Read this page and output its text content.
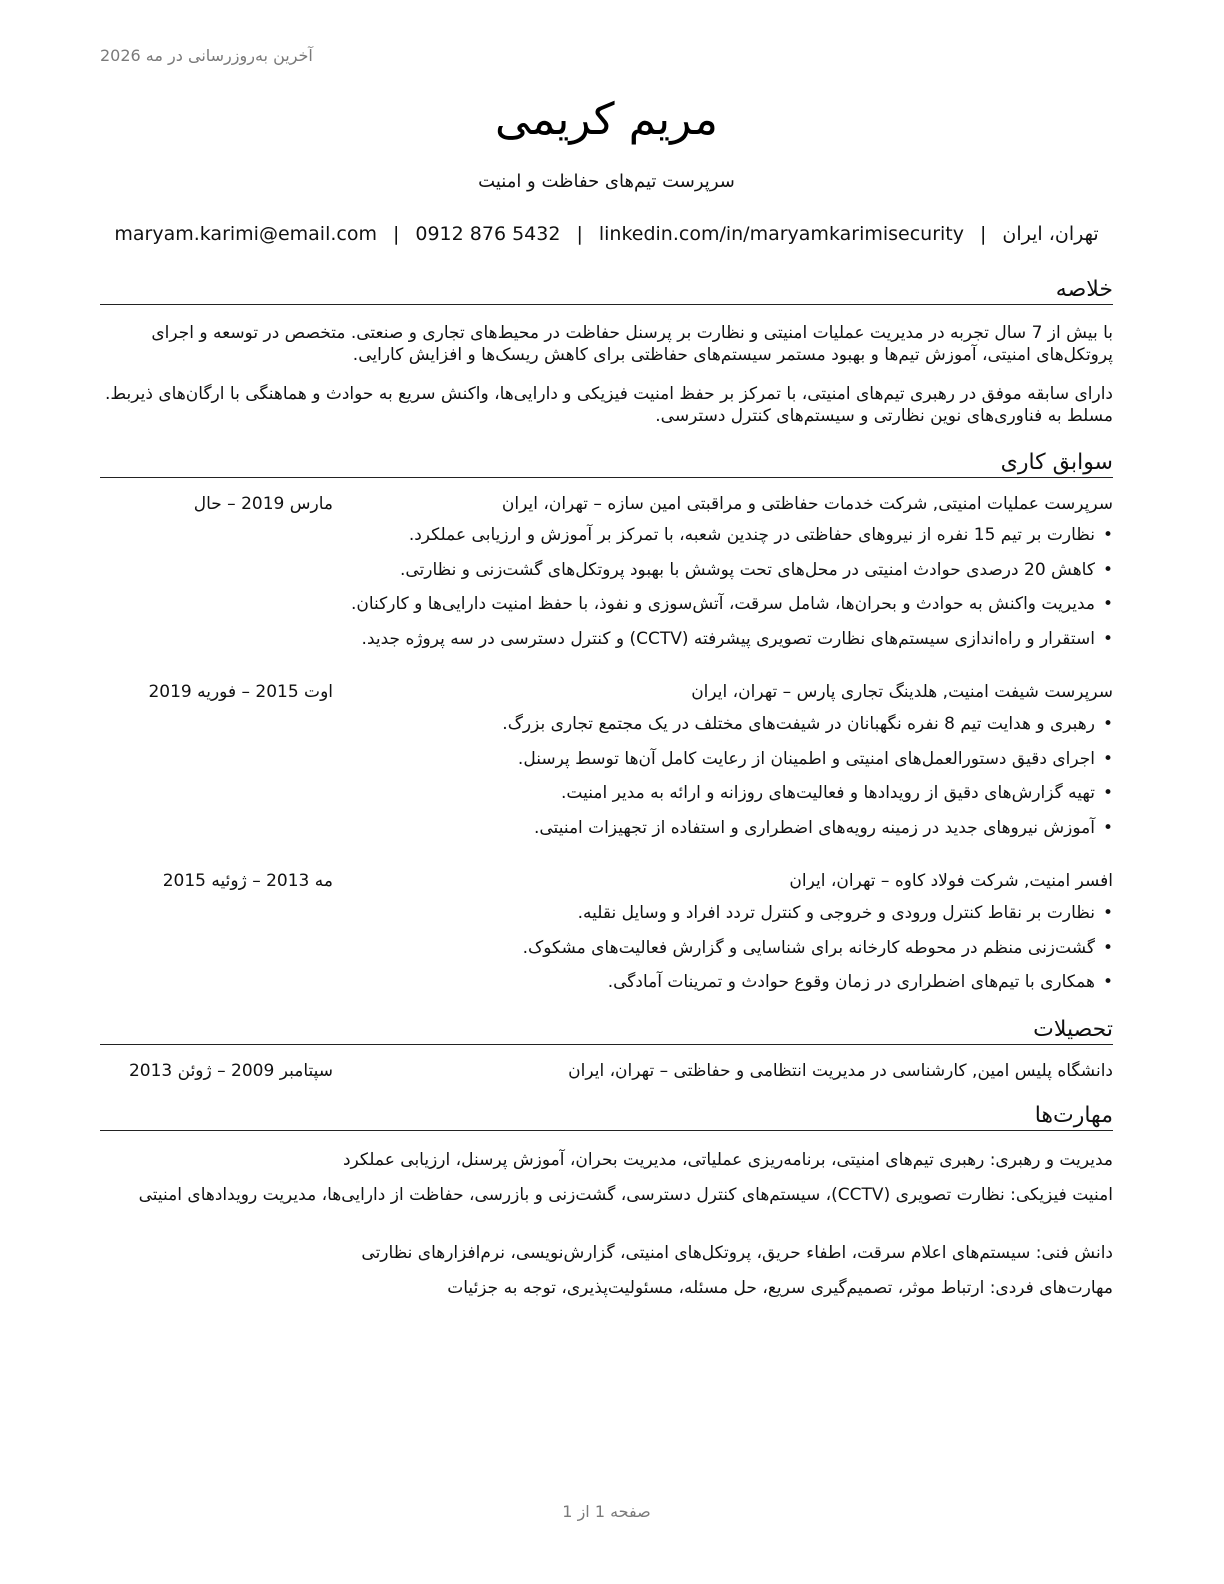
آخرین به‌روزرسانی در مه 2026
مریم کریمی
سرپرست تیم‌های حفاظت و امنیت
تهران، ایران|maryam.karimi@email.com | 0912 876 5432 | linkedin.com/in/maryamkarimisecurity
خلاصه
با بیش از 7 سال تجربه در مدیریت عملیات امنیتی و نظارت بر پرسنل حفاظت در محیط‌های تجاری و صنعتی. متخصص در توسعه و اجرای پروتکل‌های امنیتی، آموزش تیم‌ها و بهبود مستمر سیستم‌های حفاظتی برای کاهش ریسک‌ها و افزایش کارایی.
دارای سابقه موفق در رهبری تیم‌های امنیتی، با تمرکز بر حفظ امنیت فیزیکی و دارایی‌ها، واکنش سریع به حوادث و هماهنگی با ارگان‌های ذیربط. مسلط به فناوری‌های نوین نظارتی و سیستم‌های کنترل دسترسی.
سوابق کاری
سرپرست عملیات امنیتی, شرکت خدمات حفاظتی و مراقبتی امین سازه – تهران، ایران
مارس 2019 – حال
• نظارت بر تیم 15 نفره از نیروهای حفاظتی در چندین شعبه، با تمرکز بر آموزش و ارزیابی عملکرد.
• کاهش 20 درصدی حوادث امنیتی در محل‌های تحت پوشش با بهبود پروتکل‌های گشت‌زنی و نظارتی.
• مدیریت واکنش به حوادث و بحران‌ها، شامل سرقت، آتش‌سوزی و نفوذ، با حفظ امنیت دارایی‌ها و کارکنان.
• استقرار و راه‌اندازی سیستم‌های نظارت تصویری پیشرفته (CCTV) و کنترل دسترسی در سه پروژه جدید.
سرپرست شیفت امنیت, هلدینگ تجاری پارس – تهران، ایران
اوت 2015 – فوریه 2019
• رهبری و هدایت تیم 8 نفره نگهبانان در شیفت‌های مختلف در یک مجتمع تجاری بزرگ.
• اجرای دقیق دستورالعمل‌های امنیتی و اطمینان از رعایت کامل آن‌ها توسط پرسنل.
• تهیه گزارش‌های دقیق از رویدادها و فعالیت‌های روزانه و ارائه به مدیر امنیت.
• آموزش نیروهای جدید در زمینه رویه‌های اضطراری و استفاده از تجهیزات امنیتی.
افسر امنیت, شرکت فولاد کاوه – تهران، ایران
مه 2013 – ژوئیه 2015
• نظارت بر نقاط کنترل ورودی و خروجی و کنترل تردد افراد و وسایل نقلیه.
• گشت‌زنی منظم در محوطه کارخانه برای شناسایی و گزارش فعالیت‌های مشکوک.
• همکاری با تیم‌های اضطراری در زمان وقوع حوادث و تمرینات آمادگی.
تحصیلات
دانشگاه پلیس امین, کارشناسی در مدیریت انتظامی و حفاظتی – تهران، ایران
سپتامبر 2009 – ژوئن 2013
مهارت‌ها
مدیریت و رهبری: رهبری تیم‌های امنیتی، برنامه‌ریزی عملیاتی، مدیریت بحران، آموزش پرسنل، ارزیابی عملکرد
امنیت فیزیکی: نظارت تصویری (CCTV)، سیستم‌های کنترل دسترسی، گشت‌زنی و بازرسی، حفاظت از دارایی‌ها، مدیریت رویدادهای امنیتی
دانش فنی: سیستم‌های اعلام سرقت، اطفاء حریق، پروتکل‌های امنیتی، گزارش‌نویسی، نرم‌افزارهای نظارتی
مهارت‌های فردی: ارتباط موثر، تصمیم‌گیری سریع، حل مسئله، مسئولیت‌پذیری، توجه به جزئیات
صفحه 1 از 1
